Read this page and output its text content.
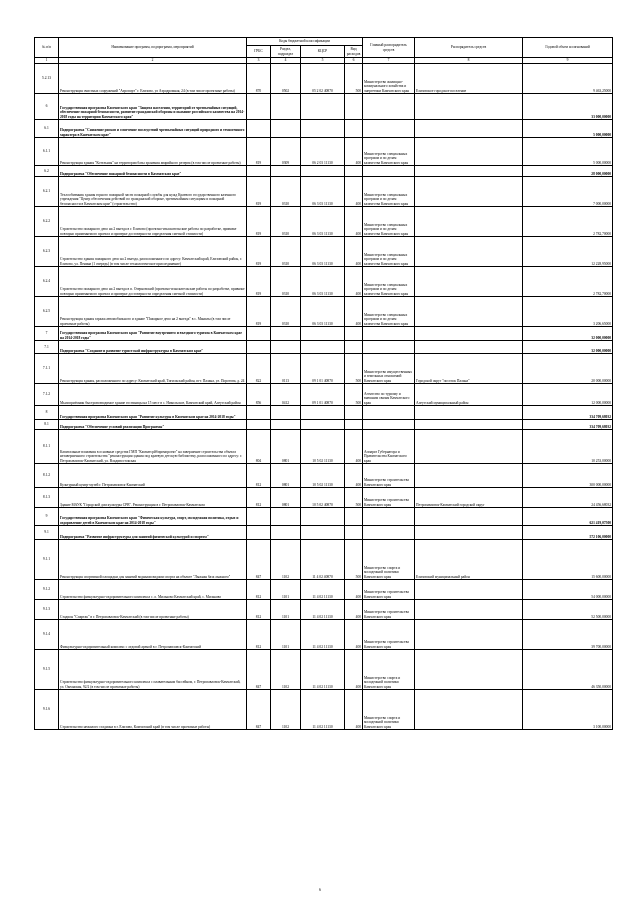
№ п/п	Наименование программ, подпрограмм, мероприятий	Коды бюджетной классификации				Главный распорядитель средств	Распорядитель средств	Годовой объем ассигнований
		ГРБС	Раздел, подраздел	КЦСР	Вид расходов			
1	2	3	4	5	6	7	8	9
5.2.13	Реконструкция очистных сооружений "Аэропорт" г. Елизово, ул Аэродромная, 24 (в том числе проектные работы)	870	0502	05 2 02 40870	500	Министерство жилищно-коммунального хозяйства и энергетики Камчатского края	Елизовское городское поселение	9 463,25000
6	Государственная программа Камчатского края "Защита населения, территорий от чрезвычайных ситуаций, обеспечение пожарной безопасности, развитие гражданской обороны и оказание российского казачества на 2014-2018 годы на территории Камчатского края"							33 000,00000
6.1	Подпрограмма "Снижение рисков и смягчение последствий чрезвычайных ситуаций природного и техногенного характера в Камчатском крае"							5 000,00000
6.1.1	Реконструкция здания "Котельная" на территории базы хранения аварийного резерва (в том числе проектные работы)	819	0309	06 2 03 11130	400	Министерство специальных программ и по делам казачества Камчатского края		5 000,00000
6.2	Подпрограмма "Обеспечение пожарной безопасности в Камчатском крае"							28 000,00000
6.2.1	Техлообменник здания горного пожарной части пожарной службы для нужд Краевого государственного казенного учреждения "Центр обеспечения действий по гражданской обороне, чрезвычайным ситуациям и пожарной безопасности в Камчатском крае" (строительство)	819	0310	06 3 03 11130	400	Министерство специальных программ и по делам казачества Камчатского края		7 000,00000
6.2.2	Строительство пожарного депо на 2 выезда в г. Елизово (проектно-изыскательские работы по разработке, привязке повторно применяемого проекта и проверке достоверности определения сметной стоимости)	819	0310	06 3 03 11130	400	Министерство специальных программ и по делам казачества Камчатского края		2 782,70000
6.2.3	Строительство здания пожарного депо на 2 выезда, расположенного по адресу: Камчатский край, Елизовский район, г. Елизово, ул. Пенина (1 очередь) (в том числе технологическое присоединение)	819	0310	06 3 03 11130	400	Министерство специальных программ и по делам казачества Камчатского края		12 228,95000
6.2.4	Строительство пожарного депо на 2 выезда в п. Озерновский (проектно-изыскательские работы по разработке, привязке повторно применяемого проекта и проверке достоверности определения сметной стоимости)	819	0310	06 3 03 11130	400	Министерство специальных программ и по делам казачества Камчатского края		2 782,70000
6.2.5	Реконструкция здания гаража автомобильного и здание "Пожарное депо на 2 выезда" в с. Манилы (в том числе проектные работы)	819	0310	06 3 03 11130	400	Министерство специальных программ и по делам казачества Камчатского края		3 206,65000
7	Государственная программа Камчатского края "Развитие внутреннего и въездного туризма в Камчатском крае на 2014-2018 годы"							32 000,00000
7.1	Подпрограмма "Создание и развитие туристской инфраструктуры в Камчатском крае"							32 000,00000
7.1.1	Реконструкция здания, расположенного по адресу: Камчатский край, Тигильский район, пгт. Палана, ул. Поротова, д. 24	822	0113	09 1 01 40870	500	Министерство имущественных и земельных отношений Камчатского края	Городской округ "поселок Палана"	20 000,00000
7.1.2	Мылоприёмник быстровозводимое здание гостиницы на 15 мест в с. Никольское, Камчатский край, Алеутский район	856	0412	09 1 01 40870	500	Агентство по туризму и внешним связям Камчатского края	Алеутский муниципальный район	12 000,00000
8	Государственная программа Камчатского края "Развитие культуры в Камчатском крае на 2014-2018 годы"							334 709,68032
8.1	Подпрограмма "Обеспечение условий реализации Программы"							334 709,68032
8.1.1	Капитальные вложения в основные средства ГМП "Камчатсрйбпромпроект" на завершение строительства объекта незавершенного строительства "реконструкция здания под краевую детскую библиотеку, расположенного по адресу: г. Петропавловск-Камчатский, ул. Владивостокская	804	0801	10 5 02 11130	400	Аппарат Губернатора и Правительства Камчатского края		10 253,00000
8.1.2	Культурный центр-музей г. Петропавловск-Камчатский	812	0801	10 5 02 11130	400	Министерство строительства Камчатского края		300 000,00000
8.1.3	Здание МАУК "Городской дом культуры СРВ". Реконструкция в г. Петропавловск-Камчатском	812	0801	10 5 02 40870	500	Министерство строительства Камчатского края	Петропавловск-Камчатский городской округ	24 456,68032
9	Государственная программа Камчатского края "Физическая культура, спорт, молодежная политика, отдых и оздоровление детей в Камчатском крае на 2014-2018 годы"							621 419,07500
9.1	Подпрограмма "Развитие инфраструктуры для занятий физической культурой и спортом"							572 106,00000
9.1.1	Реконструкция спортивной площадки для занятий водными видами спорта на объекте "Лыжная база лыжного"	847	1102	11 4 02 40870	500	Министерство спорта и молодежной политики Камчатского края	Елизовский муниципальный район	15 600,00000
9.1.2	Строительство физкультурно-оздоровительного комплекса с. о. Мильково Камчатский край, с. Мильково	812	1101	11 4 02 11130	400	Министерство строительства Камчатского края		54 000,00000
9.1.3	Стадион "Спартак" в г. Петропавловск-Камчатский (в том числе проектные работы)	812	1101	11 4 02 11130	400	Министерство строительства Камчатского края		52 500,00000
9.1.4	Физкультурно-оздоровительный комплекс с ледовой ареной в г. Петропавловск-Камчатский	812	1101	11 4 02 11130	400	Министерство строительства Камчатского края		39 700,00000
9.1.5	Строительство физкультурно-оздоровительного комплекса с плавательным бассейном, г. Петропавловск-Камчатский, ул. Океанская, 92/2 (в том числе проектные работы)	847	1102	11 4 02 11130	400	Министерство спорта и молодежной политики Камчатского края		46 350,00000
9.1.6	Строительство нежилого стадиона в г. Елизово, Камчатский край (в том числе проектные работы)	847	1102	11 4 02 11130	400	Министерство спорта и молодежной политики Камчатского края		3 100,00000
6
